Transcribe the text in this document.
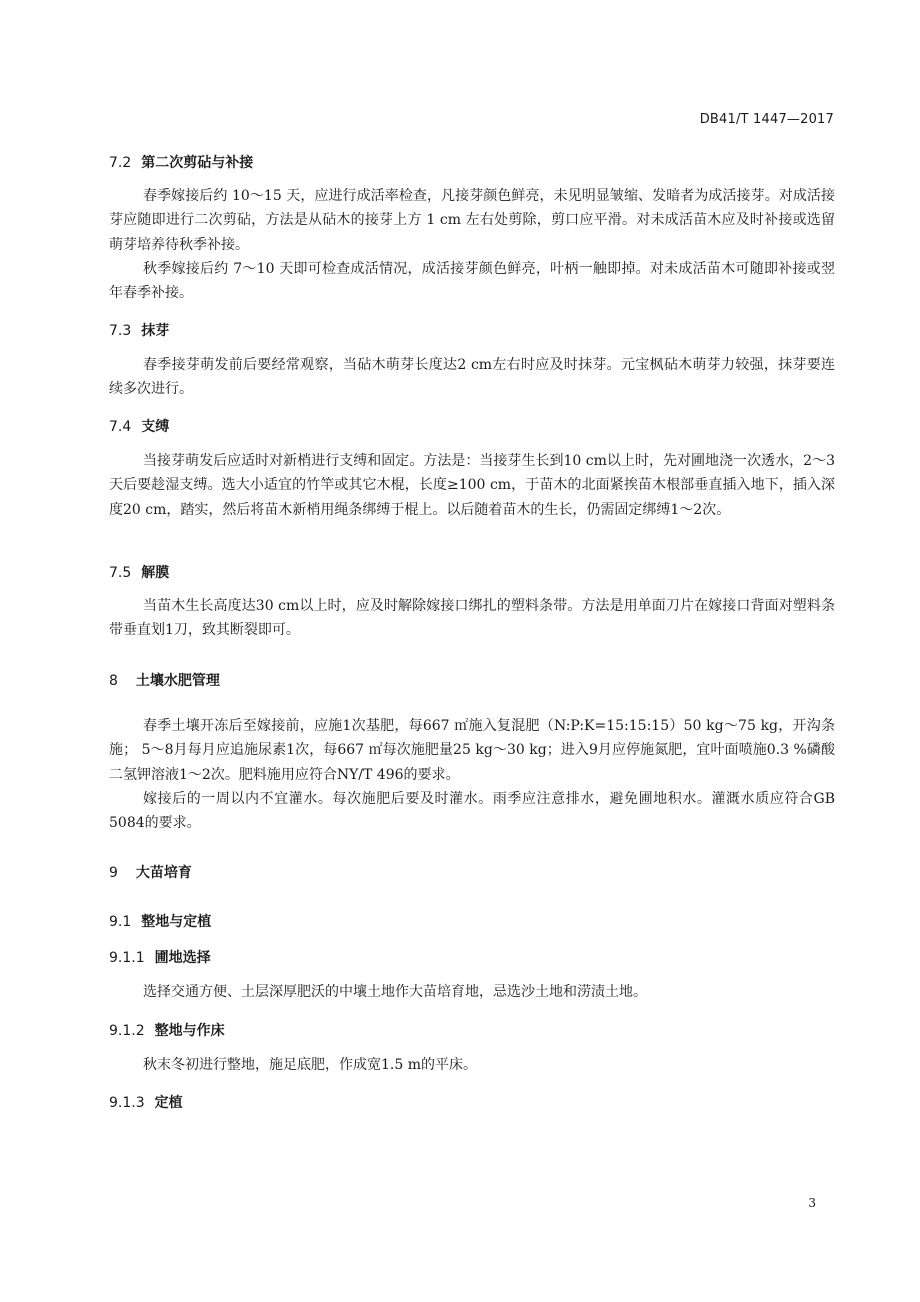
DB41/T 1447—2017
7.2 第二次剪砧与补接

春季嫁接后约 10～15 天，应进行成活率检查，凡接芽颜色鲜亮，未见明显皱缩、发暗者为成活接芽。对成活接芽应随即进行二次剪砧，方法是从砧木的接芽上方 1 cm 左右处剪除，剪口应平滑。对未成活苗木应及时补接或选留萌芽培养待秋季补接。

秋季嫁接后约 7～10 天即可检查成活情况，成活接芽颜色鲜亮，叶柄一触即掉。对未成活苗木可随即补接或翌年春季补接。

7.3 抹芽

春季接芽萌发前后要经常观察，当砧木萌芽长度达2 cm左右时应及时抹芽。元宝枫砧木萌芽力较强，抹芽要连续多次进行。

7.4 支缚

当接芽萌发后应适时对新梢进行支缚和固定。方法是：当接芽生长到10 cm以上时，先对圃地浇一次透水，2～3天后要趁湿支缚。选大小适宜的竹竿或其它木棍，长度≥100 cm，于苗木的北面紧挨苗木根部垂直插入地下，插入深度20 cm，踏实，然后将苗木新梢用绳条绑缚于棍上。以后随着苗木的生长，仍需固定绑缚1～2次。

7.5 解膜

当苗木生长高度达30 cm以上时，应及时解除嫁接口绑扎的塑料条带。方法是用单面刀片在嫁接口背面对塑料条带垂直划1刀，致其断裂即可。

8 土壤水肥管理

春季土壤开冻后至嫁接前，应施1次基肥，每667 ㎡施入复混肥（N:P:K=15:15:15）50 kg～75 kg，开沟条施； 5～8月每月应追施尿素1次，每667 ㎡每次施肥量25 kg～30 kg；进入9月应停施氮肥，宜叶面喷施0.3 %磷酸二氢钾溶液1～2次。肥料施用应符合NY/T 496的要求。

嫁接后的一周以内不宜灌水。每次施肥后要及时灌水。雨季应注意排水，避免圃地积水。灌溉水质应符合GB 5084的要求。

9 大苗培育
9.1 整地与定植
9.1.1 圃地选择

选择交通方便、土层深厚肥沃的中壤土地作大苗培育地，忌选沙土地和涝渍土地。

9.1.2 整地与作床

秋末冬初进行整地，施足底肥，作成宽1.5 m的平床。

9.1.3 定植
3
